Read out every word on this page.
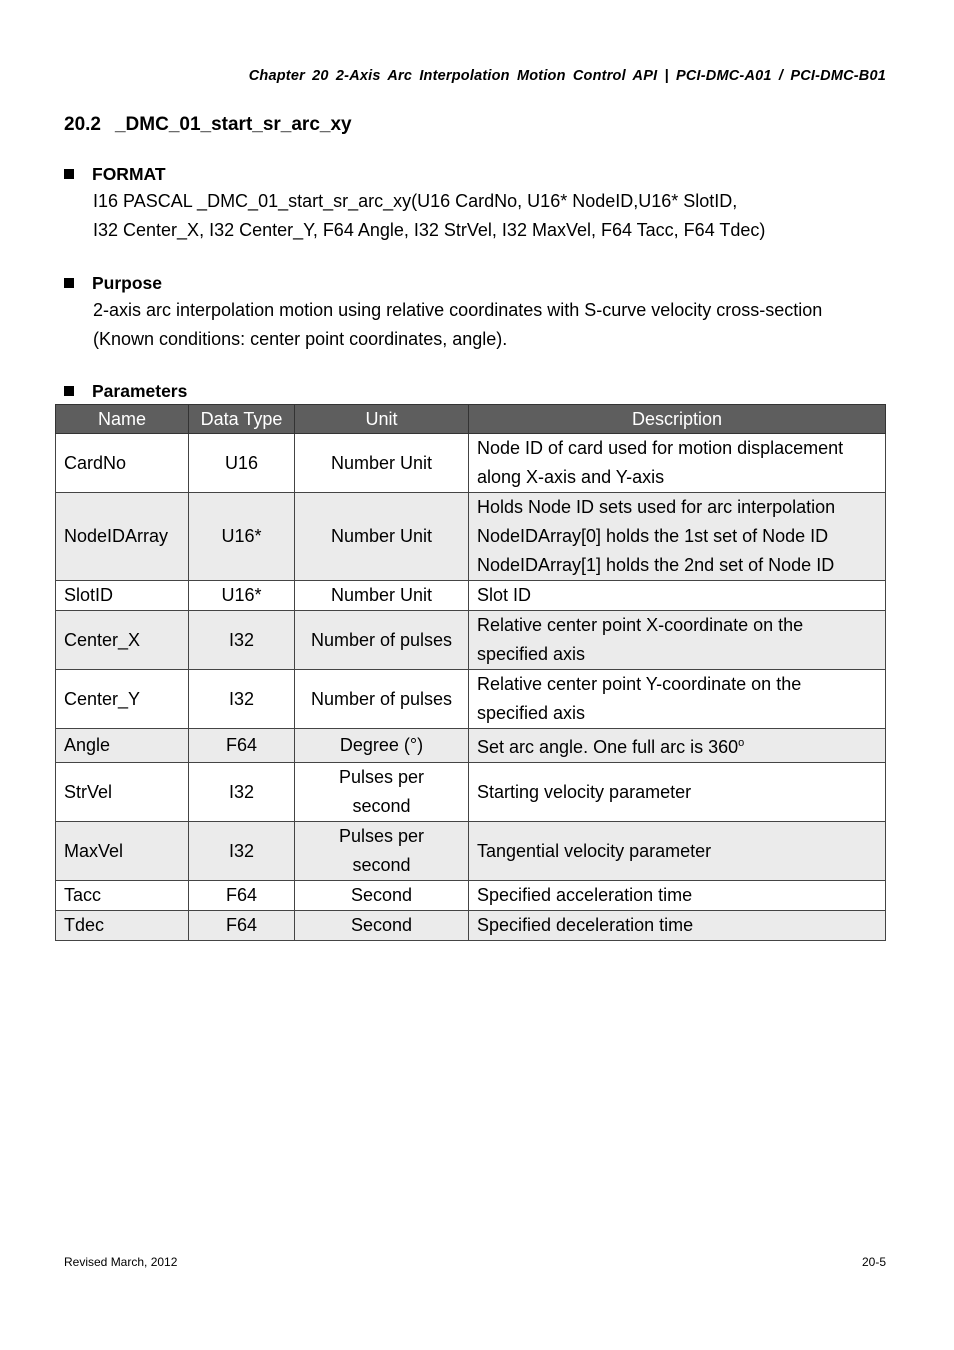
Chapter 20 2-Axis Arc Interpolation Motion Control API | PCI-DMC-A01 / PCI-DMC-B01
20.2 _DMC_01_start_sr_arc_xy
FORMAT
I16 PASCAL _DMC_01_start_sr_arc_xy(U16 CardNo, U16* NodeID,U16* SlotID,
I32 Center_X, I32 Center_Y, F64 Angle, I32 StrVel, I32 MaxVel, F64 Tacc, F64 Tdec)
Purpose
2-axis arc interpolation motion using relative coordinates with S-curve velocity cross-section
(Known conditions: center point coordinates, angle).
Parameters
Name	Data Type	Unit	Description
CardNo	U16	Number Unit	Node ID of card used for motion displacement
along X-axis and Y-axis

NodeIDArray	U16*	Number Unit	Holds Node ID sets used for arc interpolation
NodeIDArray[0] holds the 1st set of Node ID
NodeIDArray[1] holds the 2nd set of Node ID

SlotID	U16*	Number Unit	Slot ID

Center_X	I32	Number of pulses	Relative center point X-coordinate on the
specified axis

Center_Y	I32	Number of pulses	Relative center point Y-coordinate on the
specified axis

Angle	F64	Degree (°)	Set arc angle. One full arc is 360$^o$

StrVel	I32	Pulses per
second	Starting velocity parameter

MaxVel	I32	Pulses per
second	Tangential velocity parameter

Tacc	F64	Second	Specified acceleration time

Tdec	F64	Second	Specified deceleration time
Revised March, 2012	20-5
